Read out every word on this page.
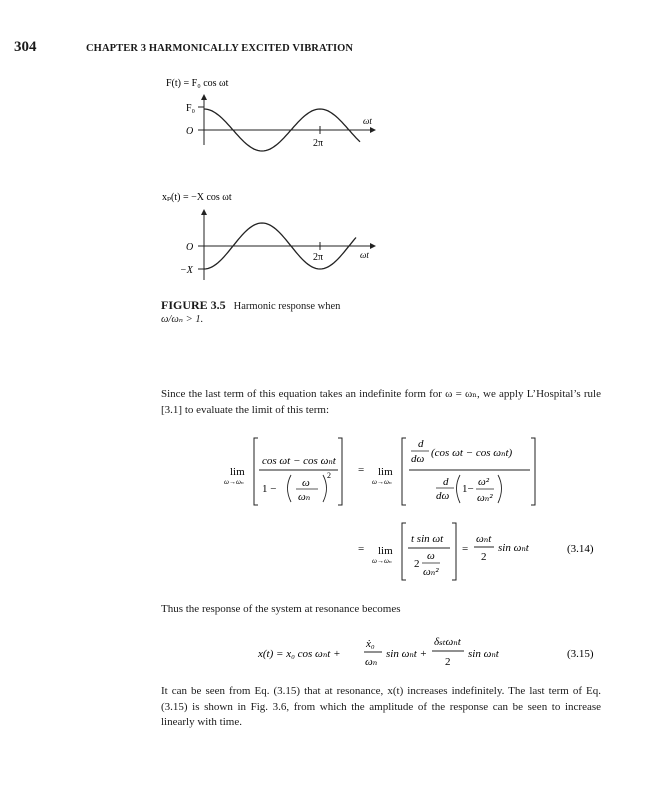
304	CHAPTER 3 HARMONICALLY EXCITED VIBRATION
F(t) = F₀ cos ωt
F₀
O
2π
ωt
xₚ(t) = −X cos ωt
O
−X
2π	ωt
FIGURE 3.5 Harmonic response when
ω/ωₙ > 1.
Since the last term of this equation takes an indefinite form for ω = ωₙ, we apply L’Hospital’s rule [3.1] to evaluate the limit of this term:
lim
ω→ωₙ
cos ωt − cos ωₙt
1 − ω
ωₙ
2 = lim
ω→ωₙ
d
dω (cos ωt − cos ωₙt)
d
dω
1−
ω²
ωₙ²
= lim
ω→ωₙ
t sin ωt
2
ω
ωₙ²
=
ωₙt
2
sin ωₙt	(3.14)
Thus the response of the system at resonance becomes
x(t) = x₀ cos ωₙt +
ẋ₀
ωₙ
sin ωₙt +
δₛₜωₙt
2
sin ωₙt	(3.15)
It can be seen from Eq. (3.15) that at resonance, x(t) increases indefinitely. The last term of Eq. (3.15) is shown in Fig. 3.6, from which the amplitude of the response can be seen to increase linearly with time.
